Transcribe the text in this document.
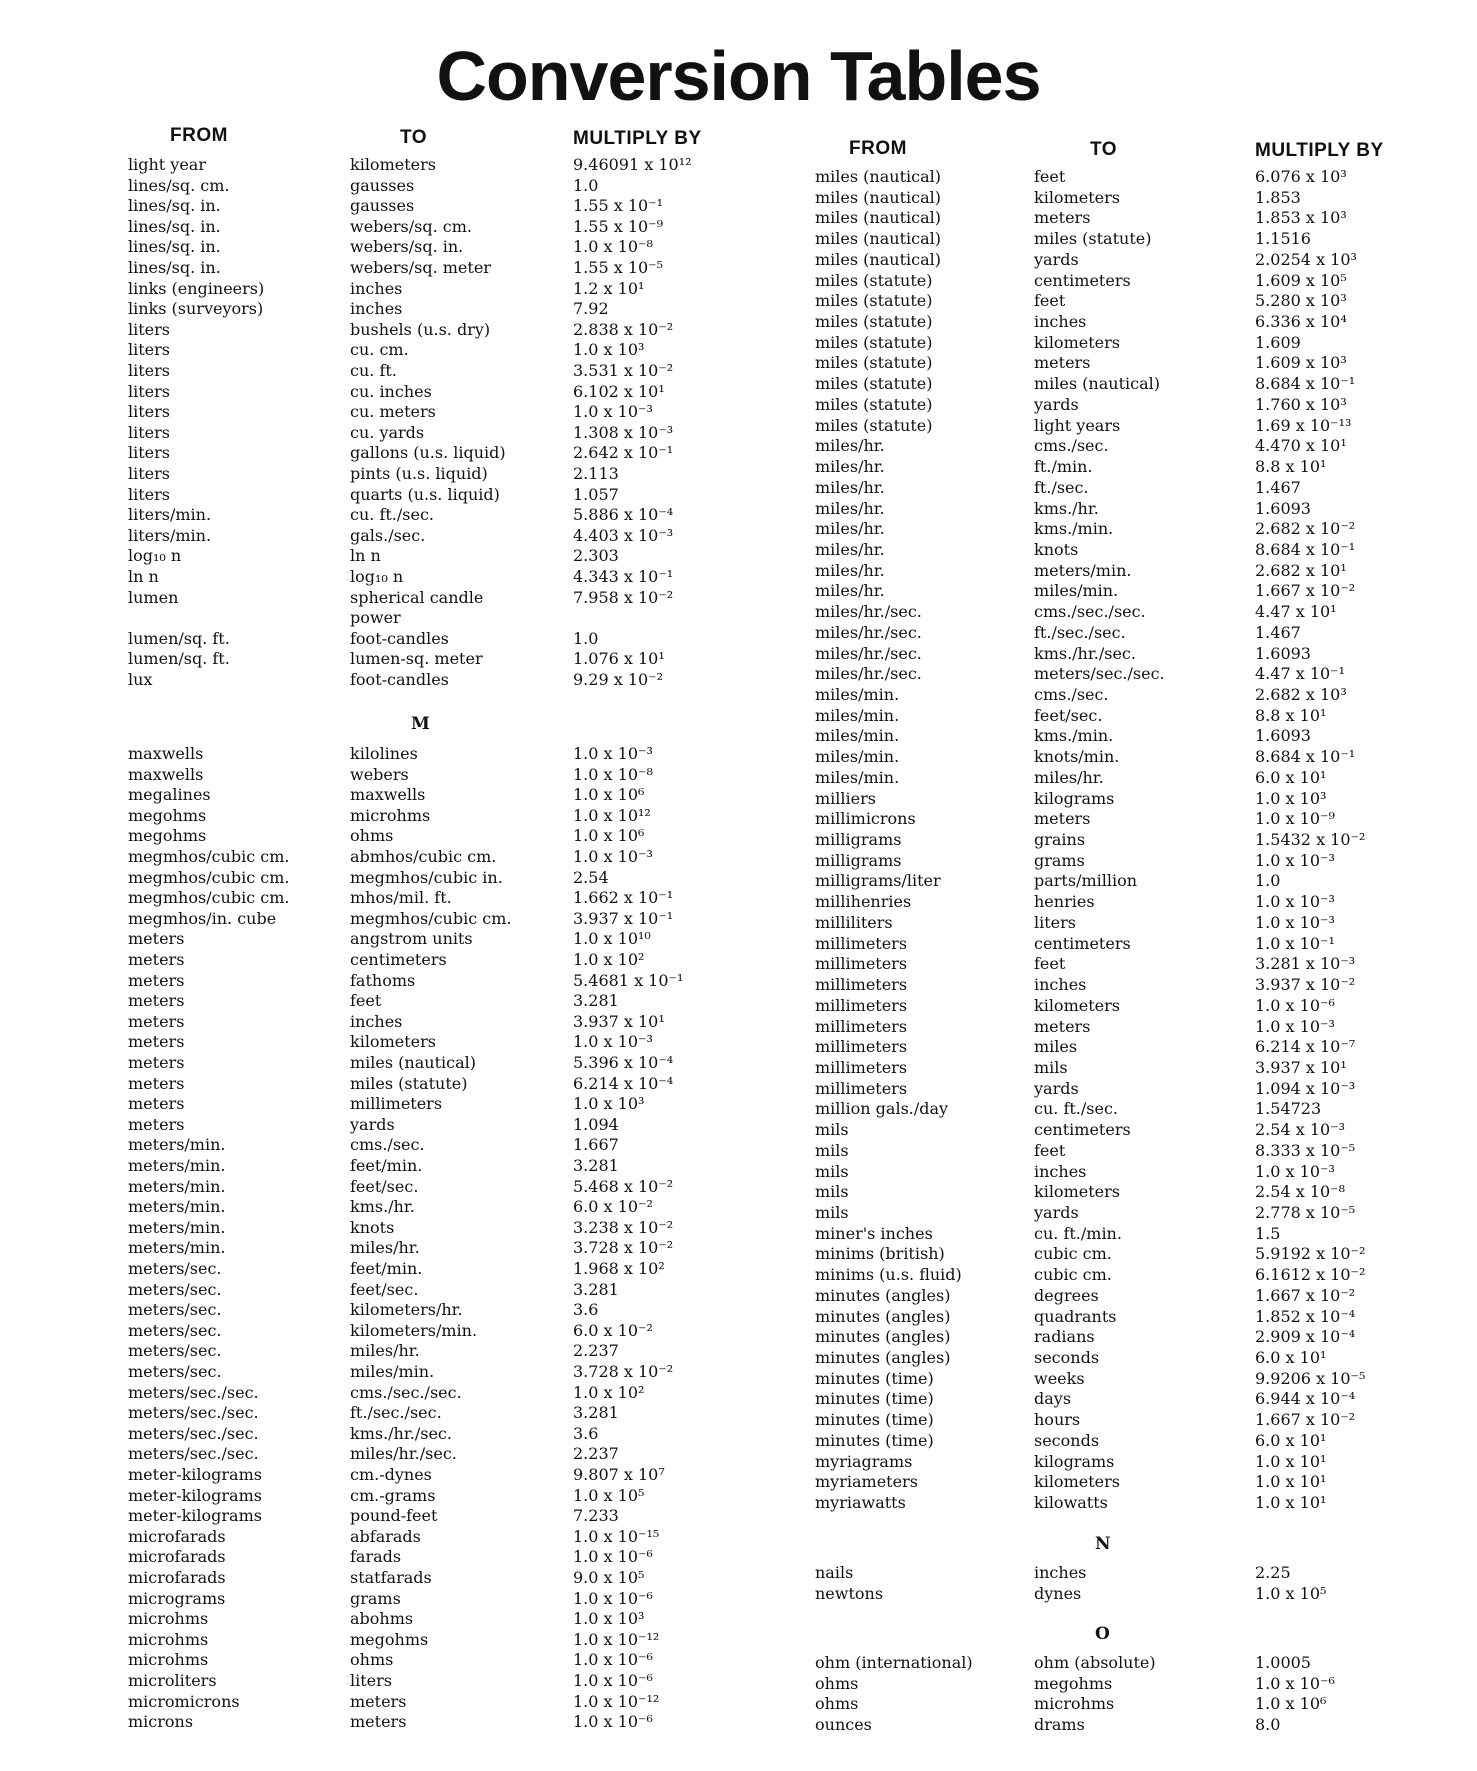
Conversion Tables
FROM	TO	MULTIPLY BY
M
light year	kilometers	9.46091 x 10¹²
lines/sq. cm.	gausses	1.0
lines/sq. in.	gausses	1.55 x 10⁻¹
lines/sq. in.	webers/sq. cm.	1.55 x 10⁻⁹
lines/sq. in.	webers/sq. in.	1.0 x 10⁻⁸
lines/sq. in.	webers/sq. meter	1.55 x 10⁻⁵
links (engineers)	inches	1.2 x 10¹
links (surveyors)	inches	7.92
liters	bushels (u.s. dry)	2.838 x 10⁻²
liters	cu. cm.	1.0 x 10³
liters	cu. ft.	3.531 x 10⁻²
liters	cu. inches	6.102 x 10¹
liters	cu. meters	1.0 x 10⁻³
liters	cu. yards	1.308 x 10⁻³
liters	gallons (u.s. liquid)	2.642 x 10⁻¹
liters	pints (u.s. liquid)	2.113
liters	quarts (u.s. liquid)	1.057
liters/min.	cu. ft./sec.	5.886 x 10⁻⁴
liters/min.	gals./sec.	4.403 x 10⁻³
log₁₀ n	ln n	2.303
ln n	log₁₀ n	4.343 x 10⁻¹
lumen	spherical candle	7.958 x 10⁻²
power
lumen/sq. ft.	foot-candles	1.0
lumen/sq. ft.	lumen-sq. meter	1.076 x 10¹
lux	foot-candles	9.29 x 10⁻²
maxwells	kilolines	1.0 x 10⁻³
maxwells	webers	1.0 x 10⁻⁸
megalines	maxwells	1.0 x 10⁶
megohms	microhms	1.0 x 10¹²
megohms	ohms	1.0 x 10⁶
megmhos/cubic cm.	abmhos/cubic cm.	1.0 x 10⁻³
megmhos/cubic cm.	megmhos/cubic in.	2.54
megmhos/cubic cm.	mhos/mil. ft.	1.662 x 10⁻¹
megmhos/in. cube	megmhos/cubic cm.	3.937 x 10⁻¹
meters	angstrom units	1.0 x 10¹⁰
meters	centimeters	1.0 x 10²
meters	fathoms	5.4681 x 10⁻¹
meters	feet	3.281
meters	inches	3.937 x 10¹
meters	kilometers	1.0 x 10⁻³
meters	miles (nautical)	5.396 x 10⁻⁴
meters	miles (statute)	6.214 x 10⁻⁴
meters	millimeters	1.0 x 10³
meters	yards	1.094
meters/min.	cms./sec.	1.667
meters/min.	feet/min.	3.281
meters/min.	feet/sec.	5.468 x 10⁻²
meters/min.	kms./hr.	6.0 x 10⁻²
meters/min.	knots	3.238 x 10⁻²
meters/min.	miles/hr.	3.728 x 10⁻²
meters/sec.	feet/min.	1.968 x 10²
meters/sec.	feet/sec.	3.281
meters/sec.	kilometers/hr.	3.6
meters/sec.	kilometers/min.	6.0 x 10⁻²
meters/sec.	miles/hr.	2.237
meters/sec.	miles/min.	3.728 x 10⁻²
meters/sec./sec.	cms./sec./sec.	1.0 x 10²
meters/sec./sec.	ft./sec./sec.	3.281
meters/sec./sec.	kms./hr./sec.	3.6
meters/sec./sec.	miles/hr./sec.	2.237
meter-kilograms	cm.-dynes	9.807 x 10⁷
meter-kilograms	cm.-grams	1.0 x 10⁵
meter-kilograms	pound-feet	7.233
microfarads	abfarads	1.0 x 10⁻¹⁵
microfarads	farads	1.0 x 10⁻⁶
microfarads	statfarads	9.0 x 10⁵
micrograms	grams	1.0 x 10⁻⁶
microhms	abohms	1.0 x 10³
microhms	megohms	1.0 x 10⁻¹²
microhms	ohms	1.0 x 10⁻⁶
microliters	liters	1.0 x 10⁻⁶
micromicrons	meters	1.0 x 10⁻¹²
microns	meters	1.0 x 10⁻⁶
FROM	TO	MULTIPLY BY
N
O
miles (nautical)	feet	6.076 x 10³
miles (nautical)	kilometers	1.853
miles (nautical)	meters	1.853 x 10³
miles (nautical)	miles (statute)	1.1516
miles (nautical)	yards	2.0254 x 10³
miles (statute)	centimeters	1.609 x 10⁵
miles (statute)	feet	5.280 x 10³
miles (statute)	inches	6.336 x 10⁴
miles (statute)	kilometers	1.609
miles (statute)	meters	1.609 x 10³
miles (statute)	miles (nautical)	8.684 x 10⁻¹
miles (statute)	yards	1.760 x 10³
miles (statute)	light years	1.69 x 10⁻¹³
miles/hr.	cms./sec.	4.470 x 10¹
miles/hr.	ft./min.	8.8 x 10¹
miles/hr.	ft./sec.	1.467
miles/hr.	kms./hr.	1.6093
miles/hr.	kms./min.	2.682 x 10⁻²
miles/hr.	knots	8.684 x 10⁻¹
miles/hr.	meters/min.	2.682 x 10¹
miles/hr.	miles/min.	1.667 x 10⁻²
miles/hr./sec.	cms./sec./sec.	4.47 x 10¹
miles/hr./sec.	ft./sec./sec.	1.467
miles/hr./sec.	kms./hr./sec.	1.6093
miles/hr./sec.	meters/sec./sec.	4.47 x 10⁻¹
miles/min.	cms./sec.	2.682 x 10³
miles/min.	feet/sec.	8.8 x 10¹
miles/min.	kms./min.	1.6093
miles/min.	knots/min.	8.684 x 10⁻¹
miles/min.	miles/hr.	6.0 x 10¹
milliers	kilograms	1.0 x 10³
millimicrons	meters	1.0 x 10⁻⁹
milligrams	grains	1.5432 x 10⁻²
milligrams	grams	1.0 x 10⁻³
milligrams/liter	parts/million	1.0
millihenries	henries	1.0 x 10⁻³
milliliters	liters	1.0 x 10⁻³
millimeters	centimeters	1.0 x 10⁻¹
millimeters	feet	3.281 x 10⁻³
millimeters	inches	3.937 x 10⁻²
millimeters	kilometers	1.0 x 10⁻⁶
millimeters	meters	1.0 x 10⁻³
millimeters	miles	6.214 x 10⁻⁷
millimeters	mils	3.937 x 10¹
millimeters	yards	1.094 x 10⁻³
million gals./day	cu. ft./sec.	1.54723
mils	centimeters	2.54 x 10⁻³
mils	feet	8.333 x 10⁻⁵
mils	inches	1.0 x 10⁻³
mils	kilometers	2.54 x 10⁻⁸
mils	yards	2.778 x 10⁻⁵
miner's inches	cu. ft./min.	1.5
minims (british)	cubic cm.	5.9192 x 10⁻²
minims (u.s. fluid)	cubic cm.	6.1612 x 10⁻²
minutes (angles)	degrees	1.667 x 10⁻²
minutes (angles)	quadrants	1.852 x 10⁻⁴
minutes (angles)	radians	2.909 x 10⁻⁴
minutes (angles)	seconds	6.0 x 10¹
minutes (time)	weeks	9.9206 x 10⁻⁵
minutes (time)	days	6.944 x 10⁻⁴
minutes (time)	hours	1.667 x 10⁻²
minutes (time)	seconds	6.0 x 10¹
myriagrams	kilograms	1.0 x 10¹
myriameters	kilometers	1.0 x 10¹
myriawatts	kilowatts	1.0 x 10¹
nails	inches	2.25
newtons	dynes	1.0 x 10⁵
ohm (international)	ohm (absolute)	1.0005
ohms	megohms	1.0 x 10⁻⁶
ohms	microhms	1.0 x 10⁶
ounces	drams	8.0
